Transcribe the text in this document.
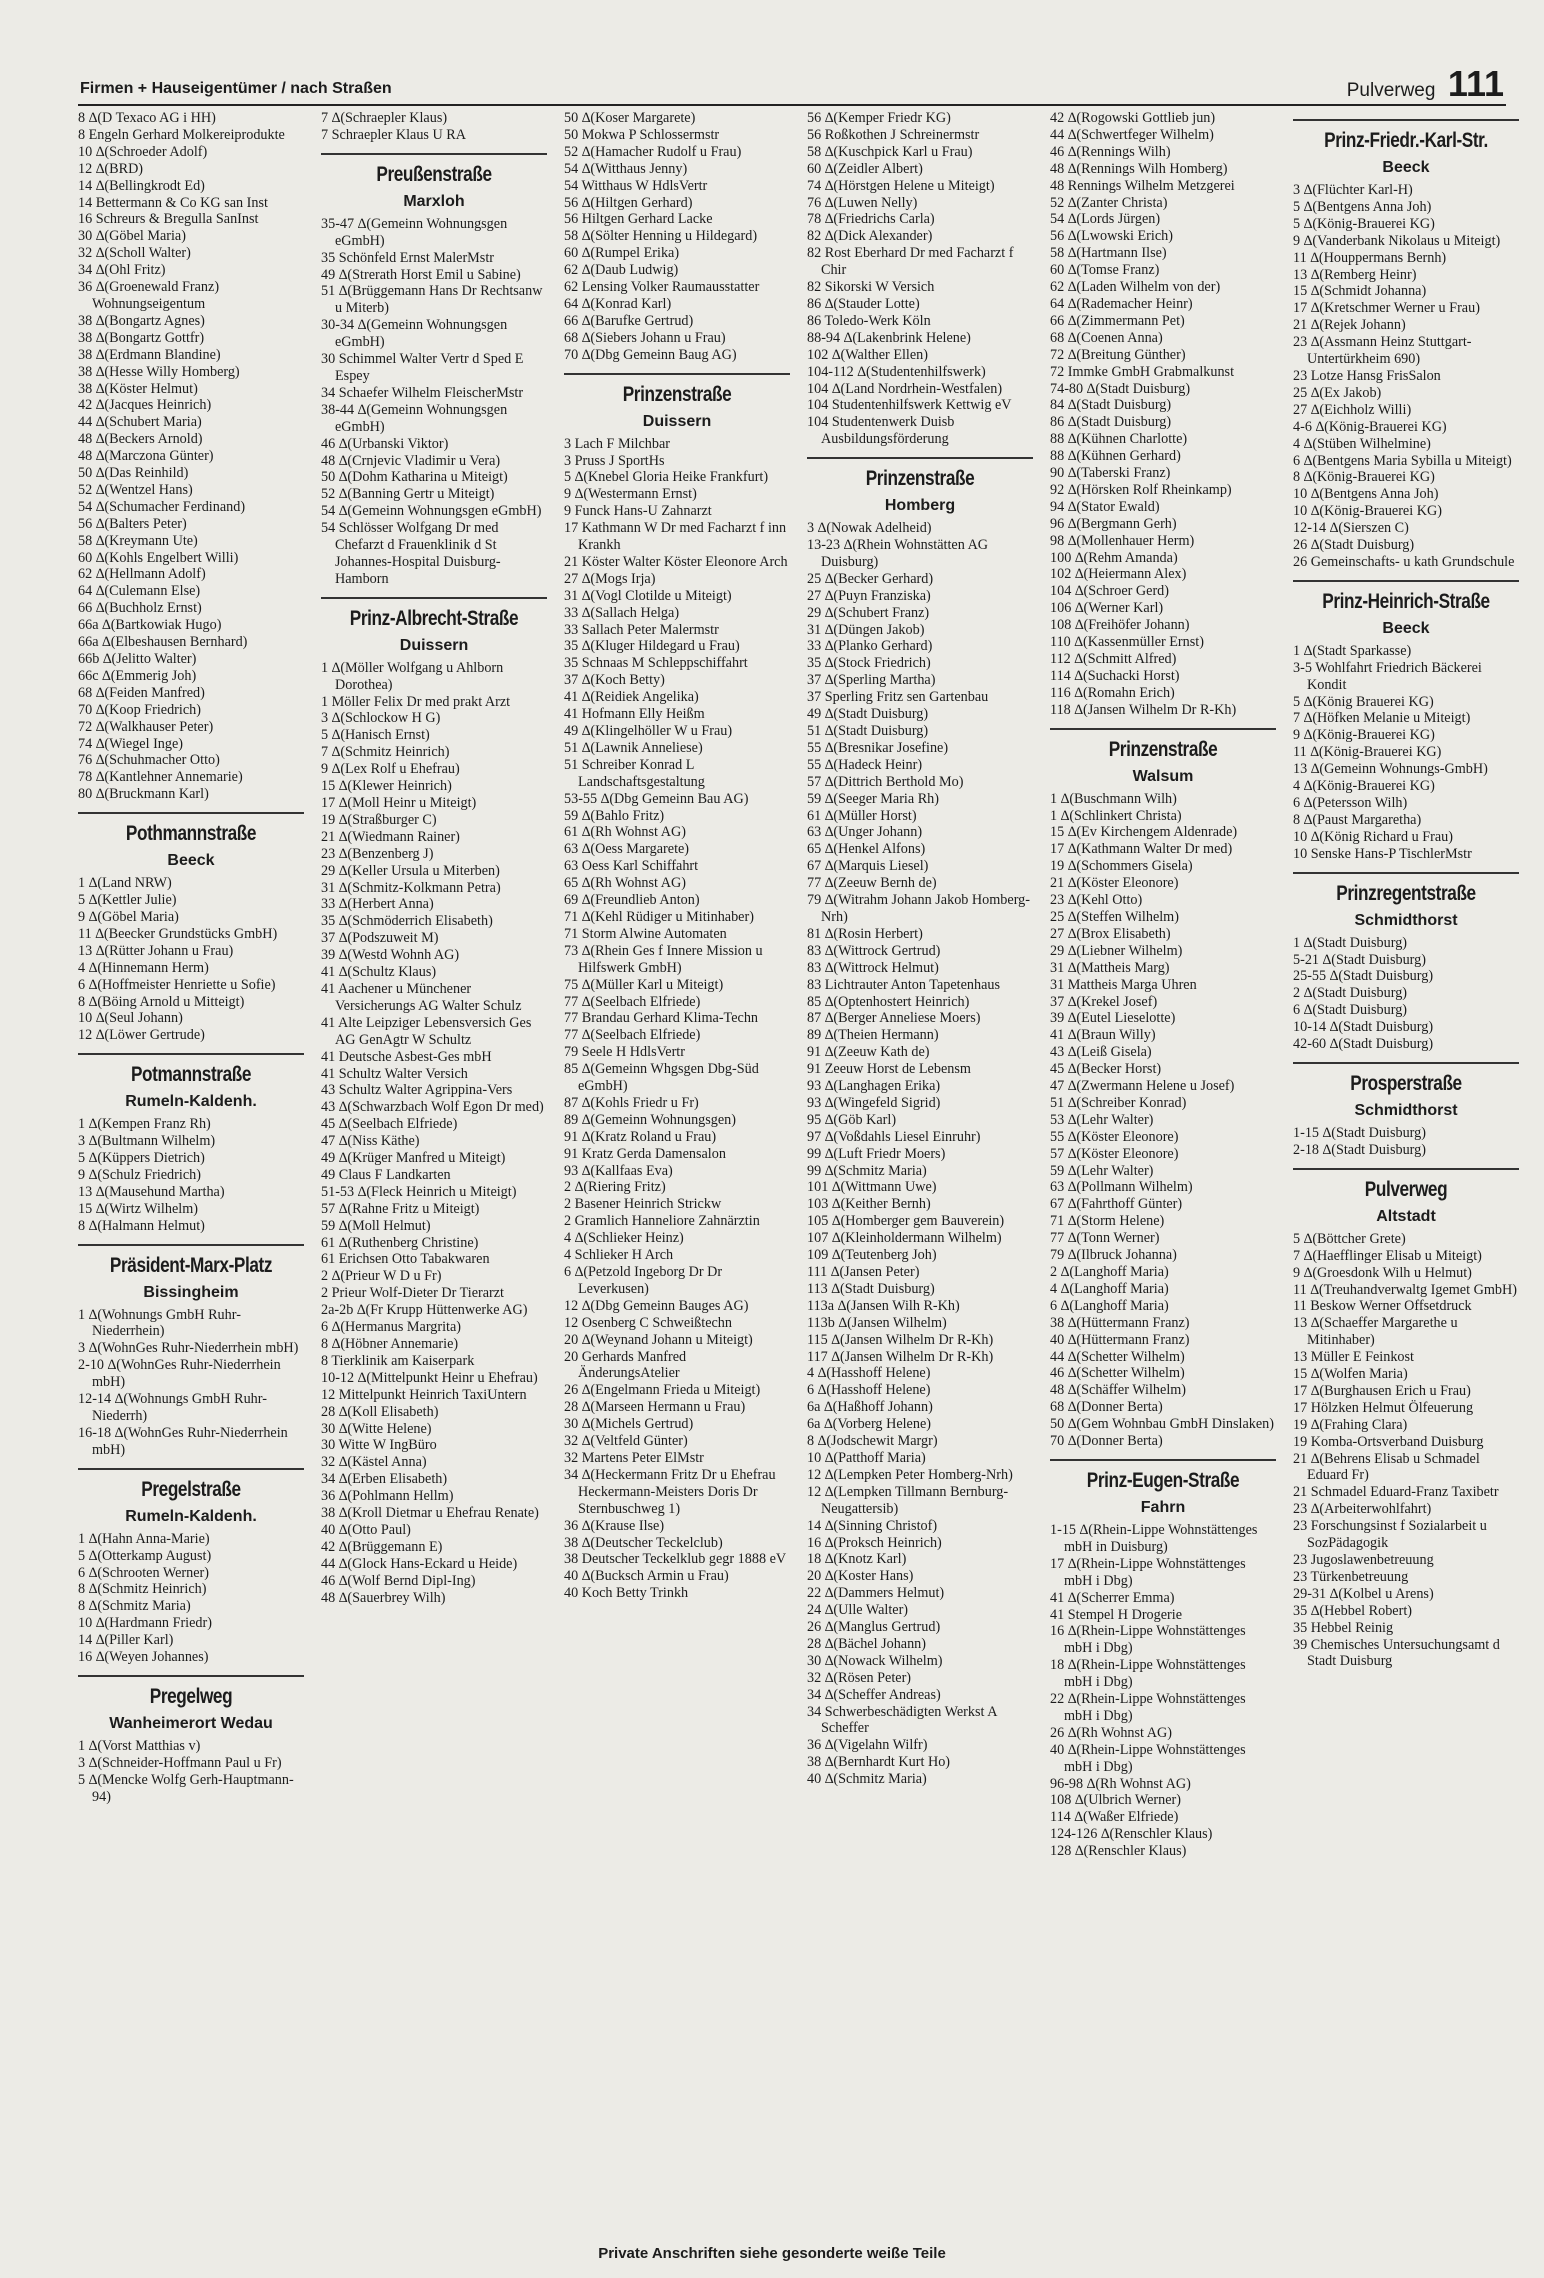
Firmen + Hauseigentümer / nach Straßen	Pulverweg 111
8 ∆(D Texaco AG i HH)
8 Engeln Gerhard Molkereiprodukte
10 ∆(Schroeder Adolf)
12 ∆(BRD)
14 ∆(Bellingkrodt Ed)
14 Bettermann & Co KG san Inst
16 Schreurs & Bregulla SanInst
30 ∆(Göbel Maria)
32 ∆(Scholl Walter)
34 ∆(Ohl Fritz)
36 ∆(Groenewald Franz) Wohnungseigentum
38 ∆(Bongartz Agnes)
38 ∆(Bongartz Gottfr)
38 ∆(Erdmann Blandine)
38 ∆(Hesse Willy Homberg)
38 ∆(Köster Helmut)
42 ∆(Jacques Heinrich)
44 ∆(Schubert Maria)
48 ∆(Beckers Arnold)
48 ∆(Marczona Günter)
50 ∆(Das Reinhild)
52 ∆(Wentzel Hans)
54 ∆(Schumacher Ferdinand)
56 ∆(Balters Peter)
58 ∆(Kreymann Ute)
60 ∆(Kohls Engelbert Willi)
62 ∆(Hellmann Adolf)
64 ∆(Culemann Else)
66 ∆(Buchholz Ernst)
66a ∆(Bartkowiak Hugo)
66a ∆(Elbeshausen Bernhard)
66b ∆(Jelitto Walter)
66c ∆(Emmerig Joh)
68 ∆(Feiden Manfred)
70 ∆(Koop Friedrich)
72 ∆(Walkhauser Peter)
74 ∆(Wiegel Inge)
76 ∆(Schuhmacher Otto)
78 ∆(Kantlehner Annemarie)
80 ∆(Bruckmann Karl)
Pothmannstraße
Beeck
1 ∆(Land NRW)
5 ∆(Kettler Julie)
9 ∆(Göbel Maria)
11 ∆(Beecker Grundstücks GmbH)
13 ∆(Rütter Johann u Frau)
4 ∆(Hinnemann Herm)
6 ∆(Hoffmeister Henriette u Sofie)
8 ∆(Böing Arnold u Mitteigt)
10 ∆(Seul Johann)
12 ∆(Löwer Gertrude)
Potmannstraße
Rumeln-Kaldenh.
1 ∆(Kempen Franz Rh)
3 ∆(Bultmann Wilhelm)
5 ∆(Küppers Dietrich)
9 ∆(Schulz Friedrich)
13 ∆(Mausehund Martha)
15 ∆(Wirtz Wilhelm)
8 ∆(Halmann Helmut)
Präsident-Marx-Platz
Bissingheim
1 ∆(Wohnungs GmbH Ruhr-Niederrhein)
3 ∆(WohnGes Ruhr-Niederrhein mbH)
2-10 ∆(WohnGes Ruhr-Niederrhein mbH)
12-14 ∆(Wohnungs GmbH Ruhr-Niederrh)
16-18 ∆(WohnGes Ruhr-Niederrhein mbH)
Pregelstraße
Rumeln-Kaldenh.
1 ∆(Hahn Anna-Marie)
5 ∆(Otterkamp August)
6 ∆(Schrooten Werner)
8 ∆(Schmitz Heinrich)
8 ∆(Schmitz Maria)
10 ∆(Hardmann Friedr)
14 ∆(Piller Karl)
16 ∆(Weyen Johannes)
Pregelweg
Wanheimerort Wedau
1 ∆(Vorst Matthias v)
3 ∆(Schneider-Hoffmann Paul u Fr)
5 ∆(Mencke Wolfg Gerh-Hauptmann-94)
7 ∆(Schraepler Klaus)
7 Schraepler Klaus U RA
Preußenstraße
Marxloh
35-47 ∆(Gemeinn Wohnungsgen eGmbH)
35 Schönfeld Ernst MalerMstr
49 ∆(Strerath Horst Emil u Sabine)
51 ∆(Brüggemann Hans Dr Rechtsanw u Miterb)
30-34 ∆(Gemeinn Wohnungsgen eGmbH)
30 Schimmel Walter Vertr d Sped E Espey
34 Schaefer Wilhelm FleischerMstr
38-44 ∆(Gemeinn Wohnungsgen eGmbH)
46 ∆(Urbanski Viktor)
48 ∆(Crnjevic Vladimir u Vera)
50 ∆(Dohm Katharina u Miteigt)
52 ∆(Banning Gertr u Miteigt)
54 ∆(Gemeinn Wohnungsgen eGmbH)
54 Schlösser Wolfgang Dr med Chefarzt d Frauenklinik d St Johannes-Hospital Duisburg-Hamborn
Prinz-Albrecht-Straße
Duissern
1 ∆(Möller Wolfgang u Ahlborn Dorothea)
1 Möller Felix Dr med prakt Arzt
3 ∆(Schlockow H G)
5 ∆(Hanisch Ernst)
7 ∆(Schmitz Heinrich)
9 ∆(Lex Rolf u Ehefrau)
15 ∆(Klewer Heinrich)
17 ∆(Moll Heinr u Miteigt)
19 ∆(Straßburger C)
21 ∆(Wiedmann Rainer)
23 ∆(Benzenberg J)
29 ∆(Keller Ursula u Miterben)
31 ∆(Schmitz-Kolkmann Petra)
33 ∆(Herbert Anna)
35 ∆(Schmöderrich Elisabeth)
37 ∆(Podszuweit M)
39 ∆(Westd Wohnh AG)
41 ∆(Schultz Klaus)
41 Aachener u Münchener Versicherungs AG Walter Schulz
41 Alte Leipziger Lebensversich Ges AG GenAgtr W Schultz
41 Deutsche Asbest-Ges mbH
41 Schultz Walter Versich
43 Schultz Walter Agrippina-Vers
43 ∆(Schwarzbach Wolf Egon Dr med)
45 ∆(Seelbach Elfriede)
47 ∆(Niss Käthe)
49 ∆(Krüger Manfred u Miteigt)
49 Claus F Landkarten
51-53 ∆(Fleck Heinrich u Miteigt)
57 ∆(Rahne Fritz u Miteigt)
59 ∆(Moll Helmut)
61 ∆(Ruthenberg Christine)
61 Erichsen Otto Tabakwaren
2 ∆(Prieur W D u Fr)
2 Prieur Wolf-Dieter Dr Tierarzt
2a-2b ∆(Fr Krupp Hüttenwerke AG)
6 ∆(Hermanus Margrita)
8 ∆(Höbner Annemarie)
8 Tierklinik am Kaiserpark
10-12 ∆(Mittelpunkt Heinr u Ehefrau)
12 Mittelpunkt Heinrich TaxiUntern
28 ∆(Koll Elisabeth)
30 ∆(Witte Helene)
30 Witte W IngBüro
32 ∆(Kästel Anna)
34 ∆(Erben Elisabeth)
36 ∆(Pohlmann Hellm)
38 ∆(Kroll Dietmar u Ehefrau Renate)
40 ∆(Otto Paul)
42 ∆(Brüggemann E)
44 ∆(Glock Hans-Eckard u Heide)
46 ∆(Wolf Bernd Dipl-Ing)
48 ∆(Sauerbrey Wilh)
50 ∆(Koser Margarete)
50 Mokwa P Schlossermstr
52 ∆(Hamacher Rudolf u Frau)
54 ∆(Witthaus Jenny)
54 Witthaus W HdlsVertr
56 ∆(Hiltgen Gerhard)
56 Hiltgen Gerhard Lacke
58 ∆(Sölter Henning u Hildegard)
60 ∆(Rumpel Erika)
62 ∆(Daub Ludwig)
62 Lensing Volker Raumausstatter
64 ∆(Konrad Karl)
66 ∆(Barufke Gertrud)
68 ∆(Siebers Johann u Frau)
70 ∆(Dbg Gemeinn Baug AG)
Prinzenstraße
Duissern
3 Lach F Milchbar
3 Pruss J SportHs
5 ∆(Knebel Gloria Heike Frankfurt)
9 ∆(Westermann Ernst)
9 Funck Hans-U Zahnarzt
17 Kathmann W Dr med Facharzt f inn Krankh
21 Köster Walter Köster Eleonore Arch
27 ∆(Mogs Irja)
31 ∆(Vogl Clotilde u Miteigt)
33 ∆(Sallach Helga)
33 Sallach Peter Malermstr
35 ∆(Kluger Hildegard u Frau)
35 Schnaas M Schleppschiffahrt
37 ∆(Koch Betty)
41 ∆(Reidiek Angelika)
41 Hofmann Elly Heißm
49 ∆(Klingelhöller W u Frau)
51 ∆(Lawnik Anneliese)
51 Schreiber Konrad L Landschaftsgestaltung
53-55 ∆(Dbg Gemeinn Bau AG)
59 ∆(Bahlo Fritz)
61 ∆(Rh Wohnst AG)
63 ∆(Oess Margarete)
63 Oess Karl Schiffahrt
65 ∆(Rh Wohnst AG)
69 ∆(Freundlieb Anton)
71 ∆(Kehl Rüdiger u Mitinhaber)
71 Storm Alwine Automaten
73 ∆(Rhein Ges f Innere Mission u Hilfswerk GmbH)
75 ∆(Müller Karl u Miteigt)
77 ∆(Seelbach Elfriede)
77 Brandau Gerhard Klima-Techn
77 ∆(Seelbach Elfriede)
79 Seele H HdlsVertr
85 ∆(Gemeinn Whgsgen Dbg-Süd eGmbH)
87 ∆(Kohls Friedr u Fr)
89 ∆(Gemeinn Wohnungsgen)
91 ∆(Kratz Roland u Frau)
91 Kratz Gerda Damensalon
93 ∆(Kallfaas Eva)
2 ∆(Riering Fritz)
2 Basener Heinrich Strickw
2 Gramlich Hanneliore Zahnärztin
4 ∆(Schlieker Heinz)
4 Schlieker H Arch
6 ∆(Petzold Ingeborg Dr Dr Leverkusen)
12 ∆(Dbg Gemeinn Bauges AG)
12 Osenberg C Schweißtechn
20 ∆(Weynand Johann u Miteigt)
20 Gerhards Manfred ÄnderungsAtelier
26 ∆(Engelmann Frieda u Miteigt)
28 ∆(Marseen Hermann u Frau)
30 ∆(Michels Gertrud)
32 ∆(Veltfeld Günter)
32 Martens Peter ElMstr
34 ∆(Heckermann Fritz Dr u Ehefrau Heckermann-Meisters Doris Dr Sternbuschweg 1)
36 ∆(Krause Ilse)
38 ∆(Deutscher Teckelclub)
38 Deutscher Teckelklub gegr 1888 eV
40 ∆(Bucksch Armin u Frau)
40 Koch Betty Trinkh
56 ∆(Kemper Friedr KG)
56 Roßkothen J Schreinermstr
58 ∆(Kuschpick Karl u Frau)
60 ∆(Zeidler Albert)
74 ∆(Hörstgen Helene u Miteigt)
76 ∆(Luwen Nelly)
78 ∆(Friedrichs Carla)
82 ∆(Dick Alexander)
82 Rost Eberhard Dr med Facharzt f Chir
82 Sikorski W Versich
86 ∆(Stauder Lotte)
86 Toledo-Werk Köln
88-94 ∆(Lakenbrink Helene)
102 ∆(Walther Ellen)
104-112 ∆(Studentenhilfswerk)
104 ∆(Land Nordrhein-Westfalen)
104 Studentenhilfswerk Kettwig eV
104 Studentenwerk Duisb Ausbildungsförderung
Prinzenstraße
Homberg
3 ∆(Nowak Adelheid)
13-23 ∆(Rhein Wohnstätten AG Duisburg)
25 ∆(Becker Gerhard)
27 ∆(Puyn Franziska)
29 ∆(Schubert Franz)
31 ∆(Düngen Jakob)
33 ∆(Planko Gerhard)
35 ∆(Stock Friedrich)
37 ∆(Sperling Martha)
37 Sperling Fritz sen Gartenbau
49 ∆(Stadt Duisburg)
51 ∆(Stadt Duisburg)
55 ∆(Bresnikar Josefine)
55 ∆(Hadeck Heinr)
57 ∆(Dittrich Berthold Mo)
59 ∆(Seeger Maria Rh)
61 ∆(Müller Horst)
63 ∆(Unger Johann)
65 ∆(Henkel Alfons)
67 ∆(Marquis Liesel)
77 ∆(Zeeuw Bernh de)
79 ∆(Witrahm Johann Jakob Homberg-Nrh)
81 ∆(Rosin Herbert)
83 ∆(Wittrock Gertrud)
83 ∆(Wittrock Helmut)
83 Lichtrauter Anton Tapetenhaus
85 ∆(Optenhostert Heinrich)
87 ∆(Berger Anneliese Moers)
89 ∆(Theien Hermann)
91 ∆(Zeeuw Kath de)
91 Zeeuw Horst de Lebensm
93 ∆(Langhagen Erika)
93 ∆(Wingefeld Sigrid)
95 ∆(Göb Karl)
97 ∆(Voßdahls Liesel Einruhr)
99 ∆(Luft Friedr Moers)
99 ∆(Schmitz Maria)
101 ∆(Wittmann Uwe)
103 ∆(Keither Bernh)
105 ∆(Homberger gem Bauverein)
107 ∆(Kleinholdermann Wilhelm)
109 ∆(Teutenberg Joh)
111 ∆(Jansen Peter)
113 ∆(Stadt Duisburg)
113a ∆(Jansen Wilh R-Kh)
113b ∆(Jansen Wilhelm)
115 ∆(Jansen Wilhelm Dr R-Kh)
117 ∆(Jansen Wilhelm Dr R-Kh)
4 ∆(Hasshoff Helene)
6 ∆(Hasshoff Helene)
6a ∆(Haßhoff Johann)
6a ∆(Vorberg Helene)
8 ∆(Jodschewit Margr)
10 ∆(Patthoff Maria)
12 ∆(Lempken Peter Homberg-Nrh)
12 ∆(Lempken Tillmann Bernburg-Neugattersib)
14 ∆(Sinning Christof)
16 ∆(Proksch Heinrich)
18 ∆(Knotz Karl)
20 ∆(Koster Hans)
22 ∆(Dammers Helmut)
24 ∆(Ulle Walter)
26 ∆(Manglus Gertrud)
28 ∆(Bächel Johann)
30 ∆(Nowack Wilhelm)
32 ∆(Rösen Peter)
34 ∆(Scheffer Andreas)
34 Schwerbeschädigten Werkst A Scheffer
36 ∆(Vigelahn Wilfr)
38 ∆(Bernhardt Kurt Ho)
40 ∆(Schmitz Maria)
42 ∆(Rogowski Gottlieb jun)
44 ∆(Schwertfeger Wilhelm)
46 ∆(Rennings Wilh)
48 ∆(Rennings Wilh Homberg)
48 Rennings Wilhelm Metzgerei
52 ∆(Zanter Christa)
54 ∆(Lords Jürgen)
56 ∆(Lwowski Erich)
58 ∆(Hartmann Ilse)
60 ∆(Tomse Franz)
62 ∆(Laden Wilhelm von der)
64 ∆(Rademacher Heinr)
66 ∆(Zimmermann Pet)
68 ∆(Coenen Anna)
72 ∆(Breitung Günther)
72 Immke GmbH Grabmalkunst
74-80 ∆(Stadt Duisburg)
84 ∆(Stadt Duisburg)
86 ∆(Stadt Duisburg)
88 ∆(Kühnen Charlotte)
88 ∆(Kühnen Gerhard)
90 ∆(Taberski Franz)
92 ∆(Hörsken Rolf Rheinkamp)
94 ∆(Stator Ewald)
96 ∆(Bergmann Gerh)
98 ∆(Mollenhauer Herm)
100 ∆(Rehm Amanda)
102 ∆(Heiermann Alex)
104 ∆(Schroer Gerd)
106 ∆(Werner Karl)
108 ∆(Freihöfer Johann)
110 ∆(Kassenmüller Ernst)
112 ∆(Schmitt Alfred)
114 ∆(Suchacki Horst)
116 ∆(Romahn Erich)
118 ∆(Jansen Wilhelm Dr R-Kh)
Prinzenstraße
Walsum
1 ∆(Buschmann Wilh)
1 ∆(Schlinkert Christa)
15 ∆(Ev Kirchengem Aldenrade)
17 ∆(Kathmann Walter Dr med)
19 ∆(Schommers Gisela)
21 ∆(Köster Eleonore)
23 ∆(Kehl Otto)
25 ∆(Steffen Wilhelm)
27 ∆(Brox Elisabeth)
29 ∆(Liebner Wilhelm)
31 ∆(Mattheis Marg)
31 Mattheis Marga Uhren
37 ∆(Krekel Josef)
39 ∆(Eutel Lieselotte)
41 ∆(Braun Willy)
43 ∆(Leiß Gisela)
45 ∆(Becker Horst)
47 ∆(Zwermann Helene u Josef)
51 ∆(Schreiber Konrad)
53 ∆(Lehr Walter)
55 ∆(Köster Eleonore)
57 ∆(Köster Eleonore)
59 ∆(Lehr Walter)
63 ∆(Pollmann Wilhelm)
67 ∆(Fahrthoff Günter)
71 ∆(Storm Helene)
77 ∆(Tonn Werner)
79 ∆(Ilbruck Johanna)
2 ∆(Langhoff Maria)
4 ∆(Langhoff Maria)
6 ∆(Langhoff Maria)
38 ∆(Hüttermann Franz)
40 ∆(Hüttermann Franz)
44 ∆(Schetter Wilhelm)
46 ∆(Schetter Wilhelm)
48 ∆(Schäffer Wilhelm)
68 ∆(Donner Berta)
50 ∆(Gem Wohnbau GmbH Dinslaken)
70 ∆(Donner Berta)
Prinz-Eugen-Straße
Fahrn
1-15 ∆(Rhein-Lippe Wohnstättenges mbH in Duisburg)
17 ∆(Rhein-Lippe Wohnstättenges mbH i Dbg)
41 ∆(Scherrer Emma)
41 Stempel H Drogerie
16 ∆(Rhein-Lippe Wohnstättenges mbH i Dbg)
18 ∆(Rhein-Lippe Wohnstättenges mbH i Dbg)
22 ∆(Rhein-Lippe Wohnstättenges mbH i Dbg)
26 ∆(Rh Wohnst AG)
40 ∆(Rhein-Lippe Wohnstättenges mbH i Dbg)
96-98 ∆(Rh Wohnst AG)
108 ∆(Ulbrich Werner)
114 ∆(Waßer Elfriede)
124-126 ∆(Renschler Klaus)
128 ∆(Renschler Klaus)
Prinz-Friedr.-Karl-Str.
Beeck
3 ∆(Flüchter Karl-H)
5 ∆(Bentgens Anna Joh)
5 ∆(König-Brauerei KG)
9 ∆(Vanderbank Nikolaus u Miteigt)
11 ∆(Houppermans Bernh)
13 ∆(Remberg Heinr)
15 ∆(Schmidt Johanna)
17 ∆(Kretschmer Werner u Frau)
21 ∆(Rejek Johann)
23 ∆(Assmann Heinz Stuttgart-Untertürkheim 690)
23 Lotze Hansg FrisSalon
25 ∆(Ex Jakob)
27 ∆(Eichholz Willi)
4-6 ∆(König-Brauerei KG)
4 ∆(Stüben Wilhelmine)
6 ∆(Bentgens Maria Sybilla u Miteigt)
8 ∆(König-Brauerei KG)
10 ∆(Bentgens Anna Joh)
10 ∆(König-Brauerei KG)
12-14 ∆(Sierszen C)
26 ∆(Stadt Duisburg)
26 Gemeinschafts- u kath Grundschule
Prinz-Heinrich-Straße
Beeck
1 ∆(Stadt Sparkasse)
3-5 Wohlfahrt Friedrich Bäckerei Kondit
5 ∆(König Brauerei KG)
7 ∆(Höfken Melanie u Miteigt)
9 ∆(König-Brauerei KG)
11 ∆(König-Brauerei KG)
13 ∆(Gemeinn Wohnungs-GmbH)
4 ∆(König-Brauerei KG)
6 ∆(Petersson Wilh)
8 ∆(Paust Margaretha)
10 ∆(König Richard u Frau)
10 Senske Hans-P TischlerMstr
Prinzregentstraße
Schmidthorst
1 ∆(Stadt Duisburg)
5-21 ∆(Stadt Duisburg)
25-55 ∆(Stadt Duisburg)
2 ∆(Stadt Duisburg)
6 ∆(Stadt Duisburg)
10-14 ∆(Stadt Duisburg)
42-60 ∆(Stadt Duisburg)
Prosperstraße
Schmidthorst
1-15 ∆(Stadt Duisburg)
2-18 ∆(Stadt Duisburg)
Pulverweg
Altstadt
5 ∆(Böttcher Grete)
7 ∆(Haefflinger Elisab u Miteigt)
9 ∆(Groesdonk Wilh u Helmut)
11 ∆(Treuhandverwaltg Igemet GmbH)
11 Beskow Werner Offsetdruck
13 ∆(Schaeffer Margarethe u Mitinhaber)
13 Müller E Feinkost
15 ∆(Wolfen Maria)
17 ∆(Burghausen Erich u Frau)
17 Hölzken Helmut Ölfeuerung
19 ∆(Frahing Clara)
19 Komba-Ortsverband Duisburg
21 ∆(Behrens Elisab u Schmadel Eduard Fr)
21 Schmadel Eduard-Franz Taxibetr
23 ∆(Arbeiterwohlfahrt)
23 Forschungsinst f Sozialarbeit u SozPädagogik
23 Jugoslawenbetreuung
23 Türkenbetreuung
29-31 ∆(Kolbel u Arens)
35 ∆(Hebbel Robert)
35 Hebbel Reinig
39 Chemisches Untersuchungsamt d Stadt Duisburg
Private Anschriften siehe gesonderte weiße Teile
